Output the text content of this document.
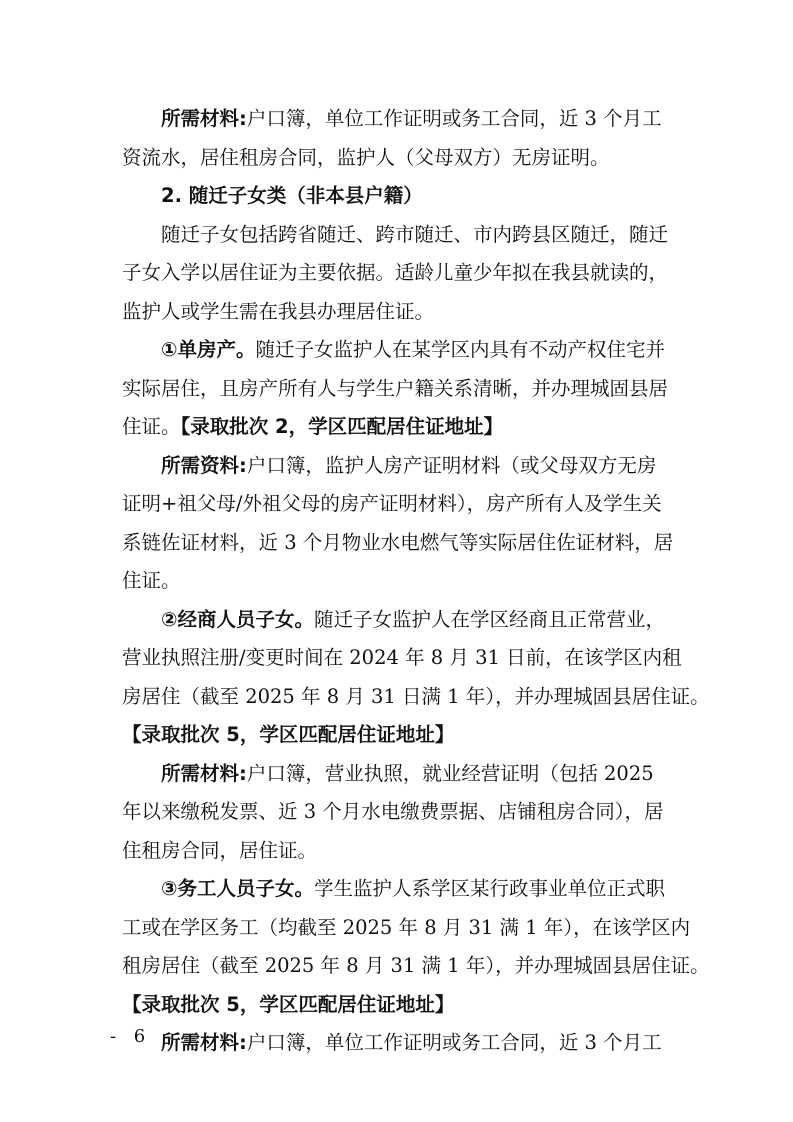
所需材料:户口簿，单位工作证明或务工合同，近 3 个月工
资流水，居住租房合同，监护人（父母双方）无房证明。
2. 随迁子女类（非本县户籍）
随迁子女包括跨省随迁、跨市随迁、市内跨县区随迁，随迁
子女入学以居住证为主要依据。适龄儿童少年拟在我县就读的，
监护人或学生需在我县办理居住证。
①单房产。随迁子女监护人在某学区内具有不动产权住宅并
实际居住，且房产所有人与学生户籍关系清晰，并办理城固县居
住证。【录取批次 2，学区匹配居住证地址】
所需资料:户口簿，监护人房产证明材料（或父母双方无房
证明+祖父母/外祖父母的房产证明材料），房产所有人及学生关
系链佐证材料，近 3 个月物业水电燃气等实际居住佐证材料，居
住证。
②经商人员子女。随迁子女监护人在学区经商且正常营业，
营业执照注册/变更时间在 2024 年 8 月 31 日前，在该学区内租
房居住（截至 2025 年 8 月 31 日满 1 年），并办理城固县居住证。
【录取批次 5，学区匹配居住证地址】
所需材料:户口簿，营业执照，就业经营证明（包括 2025
年以来缴税发票、近 3 个月水电缴费票据、店铺租房合同），居
住租房合同，居住证。
③务工人员子女。学生监护人系学区某行政事业单位正式职
工或在学区务工（均截至 2025 年 8 月 31 满 1 年），在该学区内
租房居住（截至 2025 年 8 月 31 满 1 年），并办理城固县居住证。
【录取批次 5，学区匹配居住证地址】
所需材料:户口簿，单位工作证明或务工合同，近 3 个月工
- 6 -
